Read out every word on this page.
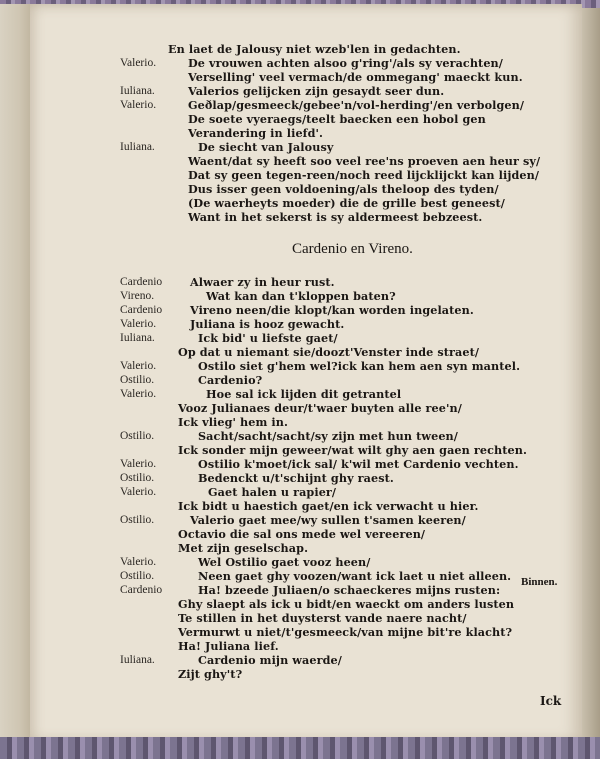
Cardenio en Vireno.
Binnen.
Ick
En laet de Jalousy niet wzeb'len in gedachten.
Valerio.	De vrouwen achten alsoo g'ring'/als sy verachten/
Verselling' veel vermach/de ommegang' maeckt kun.
Iuliana.	Valerios gelijcken zijn gesaydt seer dun.
Valerio.	Geðlap/gesmeeck/gebee'n/vol-herding'/en verbolgen/
De soete vyeraegs/teelt baecken een hobol gen
Verandering in liefd'.
Iuliana.	De siecht van Jalousy
Waent/dat sy heeft soo veel ree'ns proeven aen heur sy/
Dat sy geen tegen-reen/noch reed lijcklijckt kan lijden/
Dus isser geen voldoening/als theloop des tyden/
(De waerheyts moeder) die de grille best geneest/
Want in het sekerst is sy aldermeest bebzeest.
Cardenio Alwaer zy in heur rust.
Vireno.	Wat kan dan t'kloppen baten?
Cardenio Vireno neen/die klopt/kan worden ingelaten.
Valerio.	Juliana is hooz gewacht.
Iuliana.	Ick bid' u liefste gaet/
Op dat u niemant sie/doozt'Venster inde straet/
Valerio.	Ostilo siet g'hem wel?ick kan hem aen syn mantel.
Ostilio.	Cardenio?
Valerio.	Hoe sal ick lijden dit getrantel
Vooz Julianaes deur/t'waer buyten alle ree'n/
Ick vlieg' hem in.
Ostilio.	Sacht/sacht/sacht/sy zijn met hun tween/
Ick sonder mijn geweer/wat wilt ghy aen gaen rechten.
Valerio.	Ostilio k'moet/ick sal/ k'wil met Cardenio vechten.
Ostilio.	Bedenckt u/t'schijnt ghy raest.
Valerio.	Gaet halen u rapier/
Ick bidt u haestich gaet/en ick verwacht u hier.
Ostilio.	Valerio gaet mee/wy sullen t'samen keeren/
Octavio die sal ons mede wel vereeren/
Met zijn geselschap.
Valerio.	Wel Ostilio gaet vooz heen/
Ostilio.	Neen gaet ghy voozen/want ick laet u niet alleen.
Cardenio	Ha! bzeede Juliaen/o schaeckeres mijns rusten:
Ghy slaept als ick u bidt/en waeckt om anders lusten
Te stillen in het duysterst vande naere nacht/
Vermurwt u niet/t'gesmeeck/van mijne bit're klacht?
Ha! Juliana lief.
Iuliana.	Cardenio mijn waerde/
Zijt ghy't?
